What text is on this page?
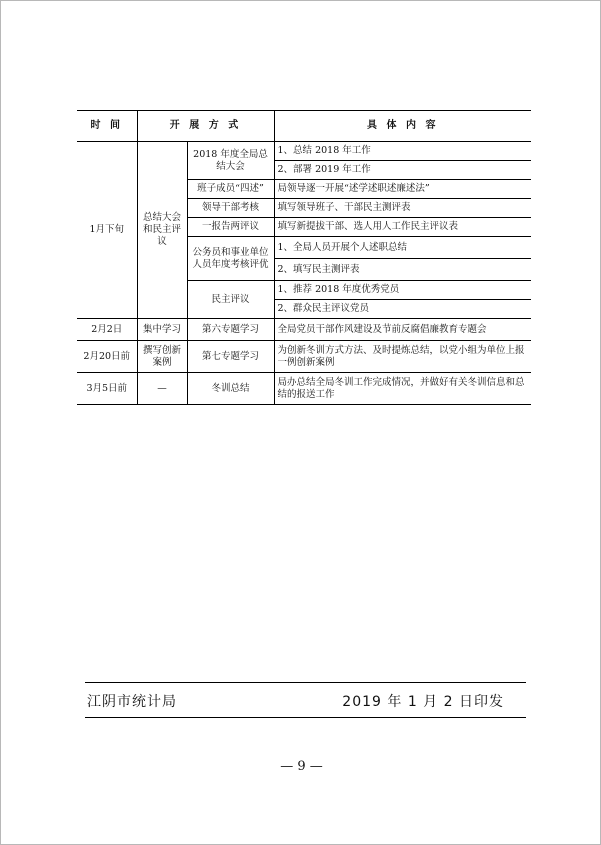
时 间	开 展 方 式		具 体 内 容
1月下旬	总结大会和民主评议	2018 年度全局总结大会	1、总结 2018 年工作
			2、部署 2019 年工作
		班子成员“四述”	局领导逐一开展“述学述职述廉述法”
		领导干部考核	填写领导班子、干部民主测评表
		一报告两评议	填写新提拔干部、选人用人工作民主评议表
		公务员和事业单位人员年度考核评优	1、全局人员开展个人述职总结
			2、填写民主测评表
		民主评议	1、推荐 2018 年度优秀党员
			2、群众民主评议党员

2月2日	集中学习	第六专题学习	全局党员干部作风建设及节前反腐倡廉教育专题会
2月20日前	撰写创新案例	第七专题学习	为创新冬训方式方法、及时提炼总结，以党小组为单位上报一例创新案例
3月5日前	—	冬训总结	局办总结全局冬训工作完成情况，并做好有关冬训信息和总结的报送工作
江阴市统计局	2019 年 1 月 2 日印发
— 9 —
